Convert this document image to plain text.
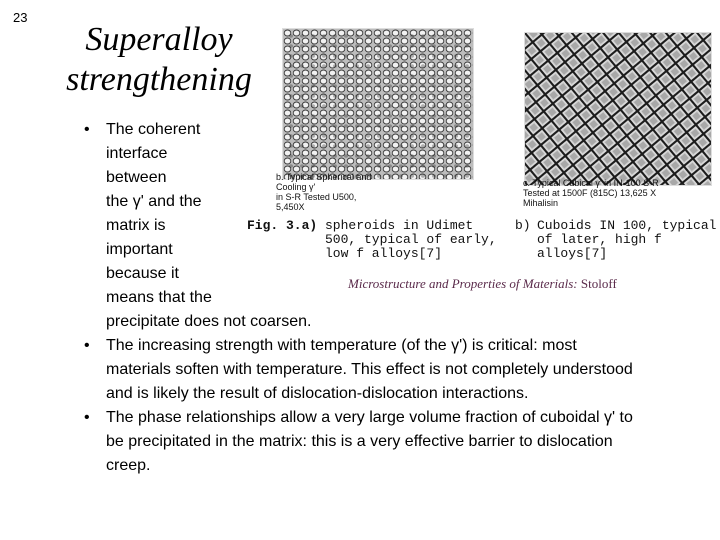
23
Superalloy
strengthening
b. Typical Spherical and Cooling γ'
in S-R Tested U500, 5,450X
c. Typical Cubical γ' in IN-100 S-R
Tested at 1500F (815C) 13,625 X
Mihalisin
Fig. 3.a) spheroids in Udimet 500, typical of early, low f alloys[7]
b) Cuboids IN 100, typical of later, high f alloys[7]
Microstructure and Properties of Materials: Stoloff
• The coherent
interface
between
the γ' and the
matrix is
important
because it
means that the
precipitate does not coarsen.
• The increasing strength with temperature (of the γ') is critical: most materials soften with temperature. This effect is not completely understood and is likely the result of dislocation-dislocation interactions.
• The phase relationships allow a very large volume fraction of cuboidal γ' to be precipitated in the matrix: this is a very effective barrier to dislocation creep.
